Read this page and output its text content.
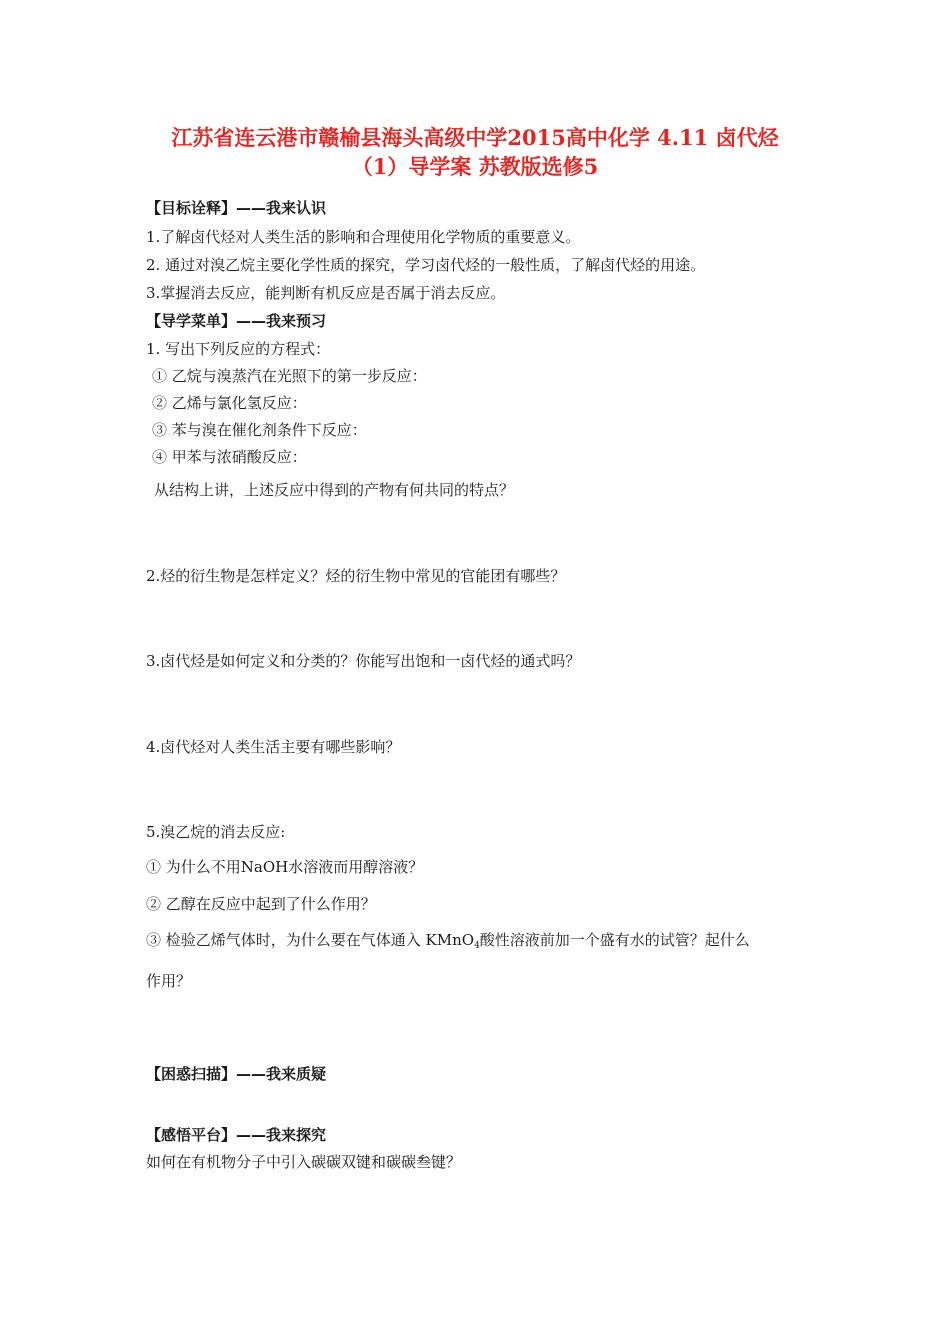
江苏省连云港市赣榆县海头高级中学2015高中化学 4.11 卤代烃
（1）导学案 苏教版选修5
【目标诠释】——我来认识
1.了解卤代烃对人类生活的影响和合理使用化学物质的重要意义。
2. 通过对溴乙烷主要化学性质的探究，学习卤代烃的一般性质，了解卤代烃的用途。
3.掌握消去反应，能判断有机反应是否属于消去反应。
【导学菜单】——我来预习
1. 写出下列反应的方程式：
① 乙烷与溴蒸汽在光照下的第一步反应：
② 乙烯与氯化氢反应：
③ 苯与溴在催化剂条件下反应：
④ 甲苯与浓硝酸反应：
从结构上讲，上述反应中得到的产物有何共同的特点？
2.烃的衍生物是怎样定义？烃的衍生物中常见的官能团有哪些？
3.卤代烃是如何定义和分类的？你能写出饱和一卤代烃的通式吗？
4.卤代烃对人类生活主要有哪些影响？
5.溴乙烷的消去反应:
① 为什么不用NaOH水溶液而用醇溶液？
② 乙醇在反应中起到了什么作用？
③ 检验乙烯气体时，为什么要在气体通入 KMnO$_4$酸性溶液前加一个盛有水的试管？起什么
作用？
【困惑扫描】——我来质疑
【感悟平台】——我来探究
如何在有机物分子中引入碳碳双键和碳碳叁键？
